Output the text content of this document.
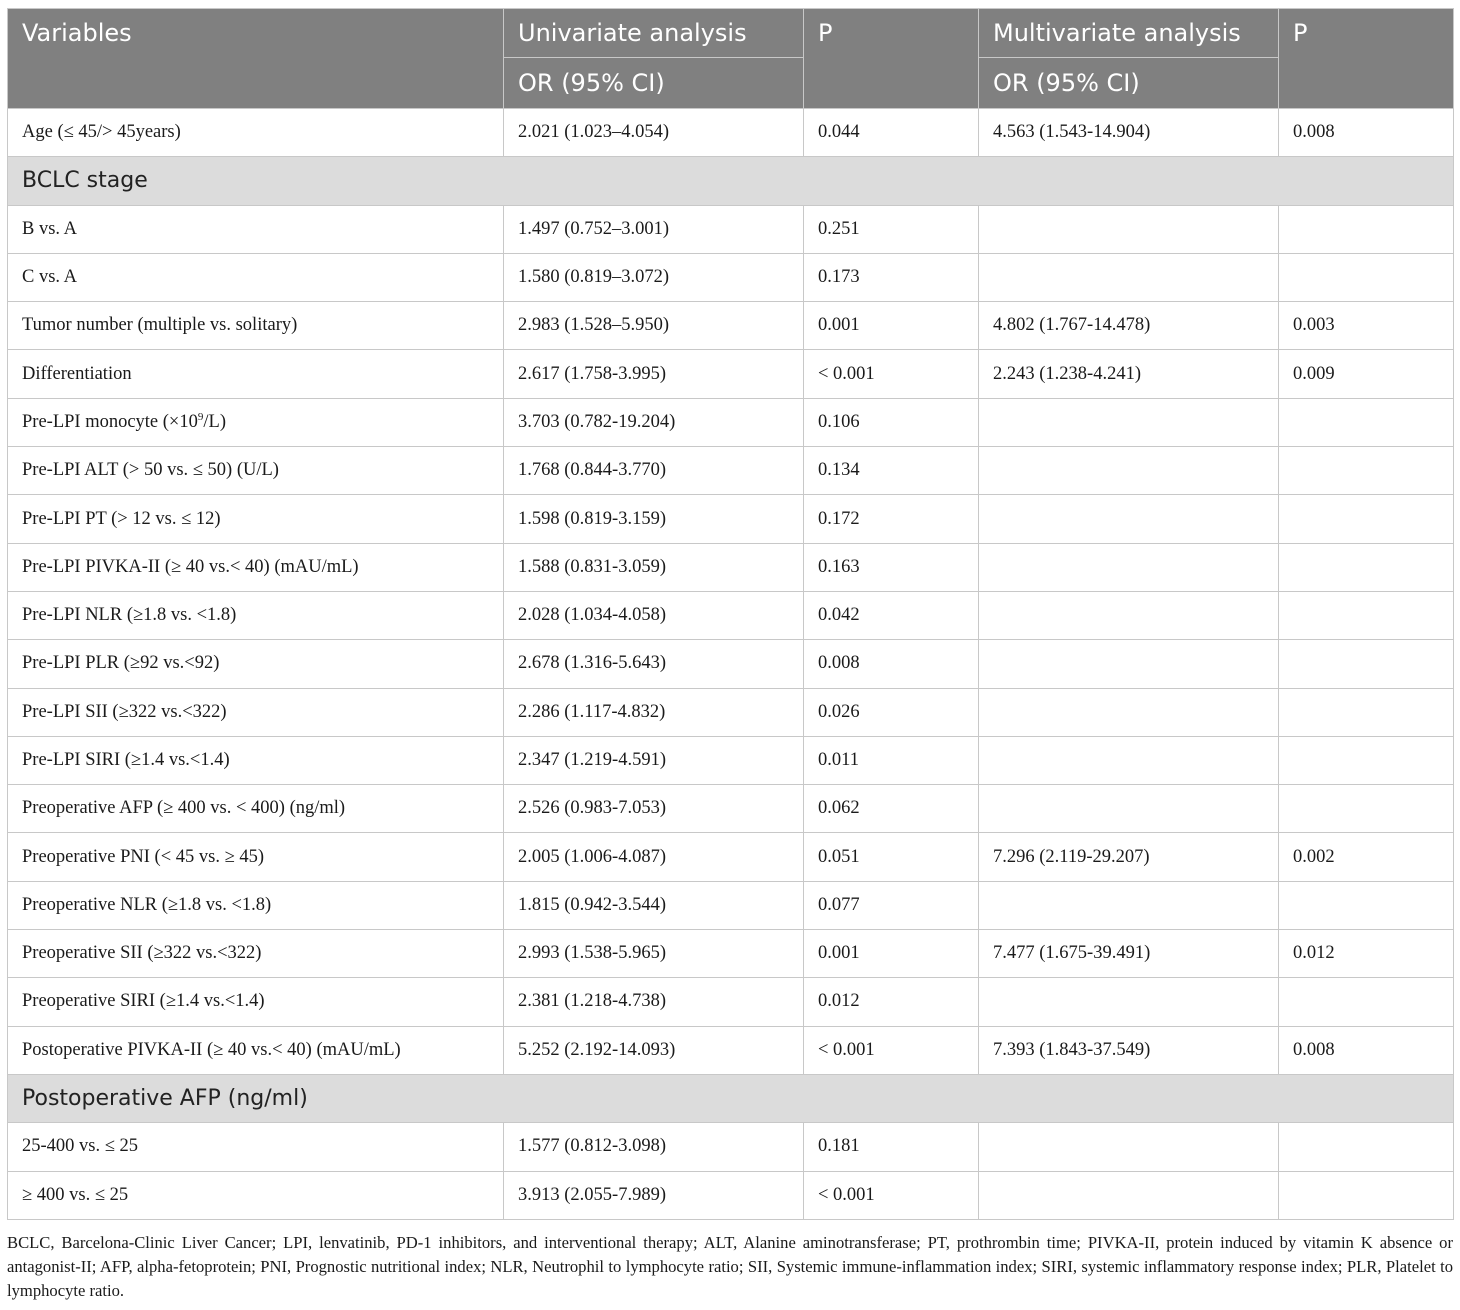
Variables	Univariate analysis	P	Multivariate analysis	P
	OR (95% CI)		OR (95% CI)	
Age (≤ 45/> 45years)	2.021 (1.023–4.054)	0.044	4.563 (1.543-14.904)	0.008
BCLC stage				
B vs. A	1.497 (0.752–3.001)	0.251		
C vs. A	1.580 (0.819–3.072)	0.173		
Tumor number (multiple vs. solitary)	2.983 (1.528–5.950)	0.001	4.802 (1.767-14.478)	0.003
Differentiation	2.617 (1.758-3.995)	< 0.001	2.243 (1.238-4.241)	0.009
Pre-LPI monocyte $(\times 10^9/L)$	3.703 (0.782-19.204)	0.106		
Pre-LPI ALT (> 50 vs. ≤ 50) (U/L)	1.768 (0.844-3.770)	0.134		
Pre-LPI PT (> 12 vs. ≤ 12)	1.598 (0.819-3.159)	0.172		
Pre-LPI PIVKA-II (≥ 40 vs.< 40) (mAU/mL)	1.588 (0.831-3.059)	0.163		
Pre-LPI NLR (≥1.8 vs. <1.8)	2.028 (1.034-4.058)	0.042		
Pre-LPI PLR (≥92 vs.<92)	2.678 (1.316-5.643)	0.008		
Pre-LPI SII (≥322 vs.<322)	2.286 (1.117-4.832)	0.026		
Pre-LPI SIRI (≥1.4 vs.<1.4)	2.347 (1.219-4.591)	0.011		
Preoperative AFP (≥ 400 vs. < 400) (ng/ml)	2.526 (0.983-7.053)	0.062		
Preoperative PNI (< 45 vs. ≥ 45)	2.005 (1.006-4.087)	0.051	7.296 (2.119-29.207)	0.002
Preoperative NLR (≥1.8 vs. <1.8)	1.815 (0.942-3.544)	0.077		
Preoperative SII (≥322 vs.<322)	2.993 (1.538-5.965)	0.001	7.477 (1.675-39.491)	0.012
Preoperative SIRI (≥1.4 vs.<1.4)	2.381 (1.218-4.738)	0.012		
Postoperative PIVKA-II (≥ 40 vs.< 40) (mAU/mL)	5.252 (2.192-14.093)	< 0.001	7.393 (1.843-37.549)	0.008
Postoperative AFP (ng/ml)				
25-400 vs. ≤ 25	1.577 (0.812-3.098)	0.181		
≥ 400 vs. ≤ 25	3.913 (2.055-7.989)	< 0.001		
BCLC, Barcelona-Clinic Liver Cancer; LPI, lenvatinib, PD-1 inhibitors, and interventional therapy; ALT, Alanine aminotransferase; PT, prothrombin time; PIVKA-II, protein induced by vitamin K absence or antagonist-II; AFP, alpha-fetoprotein; PNI, Prognostic nutritional index; NLR, Neutrophil to lymphocyte ratio; SII, Systemic immune-inflammation index; SIRI, systemic inflammatory response index; PLR, Platelet to lymphocyte ratio.
